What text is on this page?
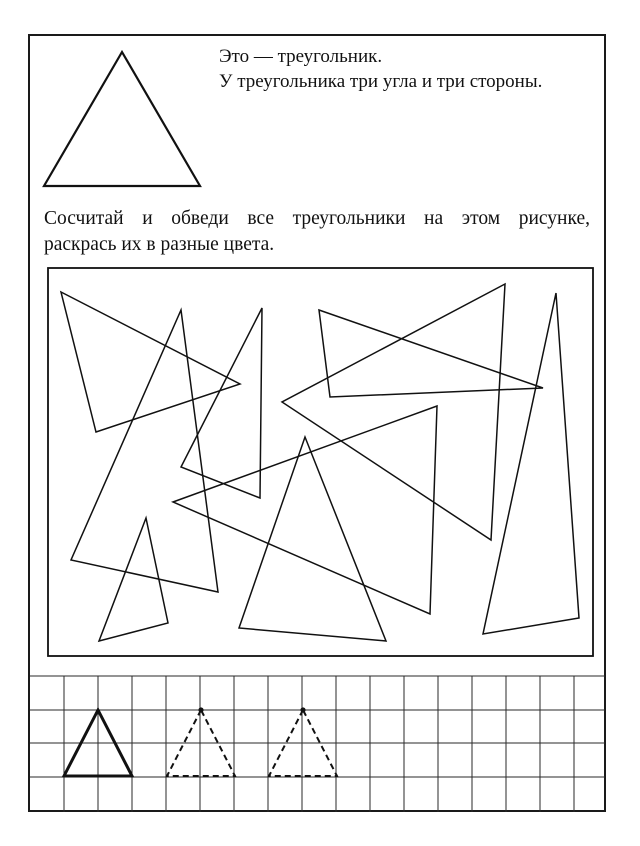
Это — треугольник.
У треугольника три угла и три стороны.
Сосчитай и обведи все треугольники на этом рисунке,
раскрась их в разные цвета.
